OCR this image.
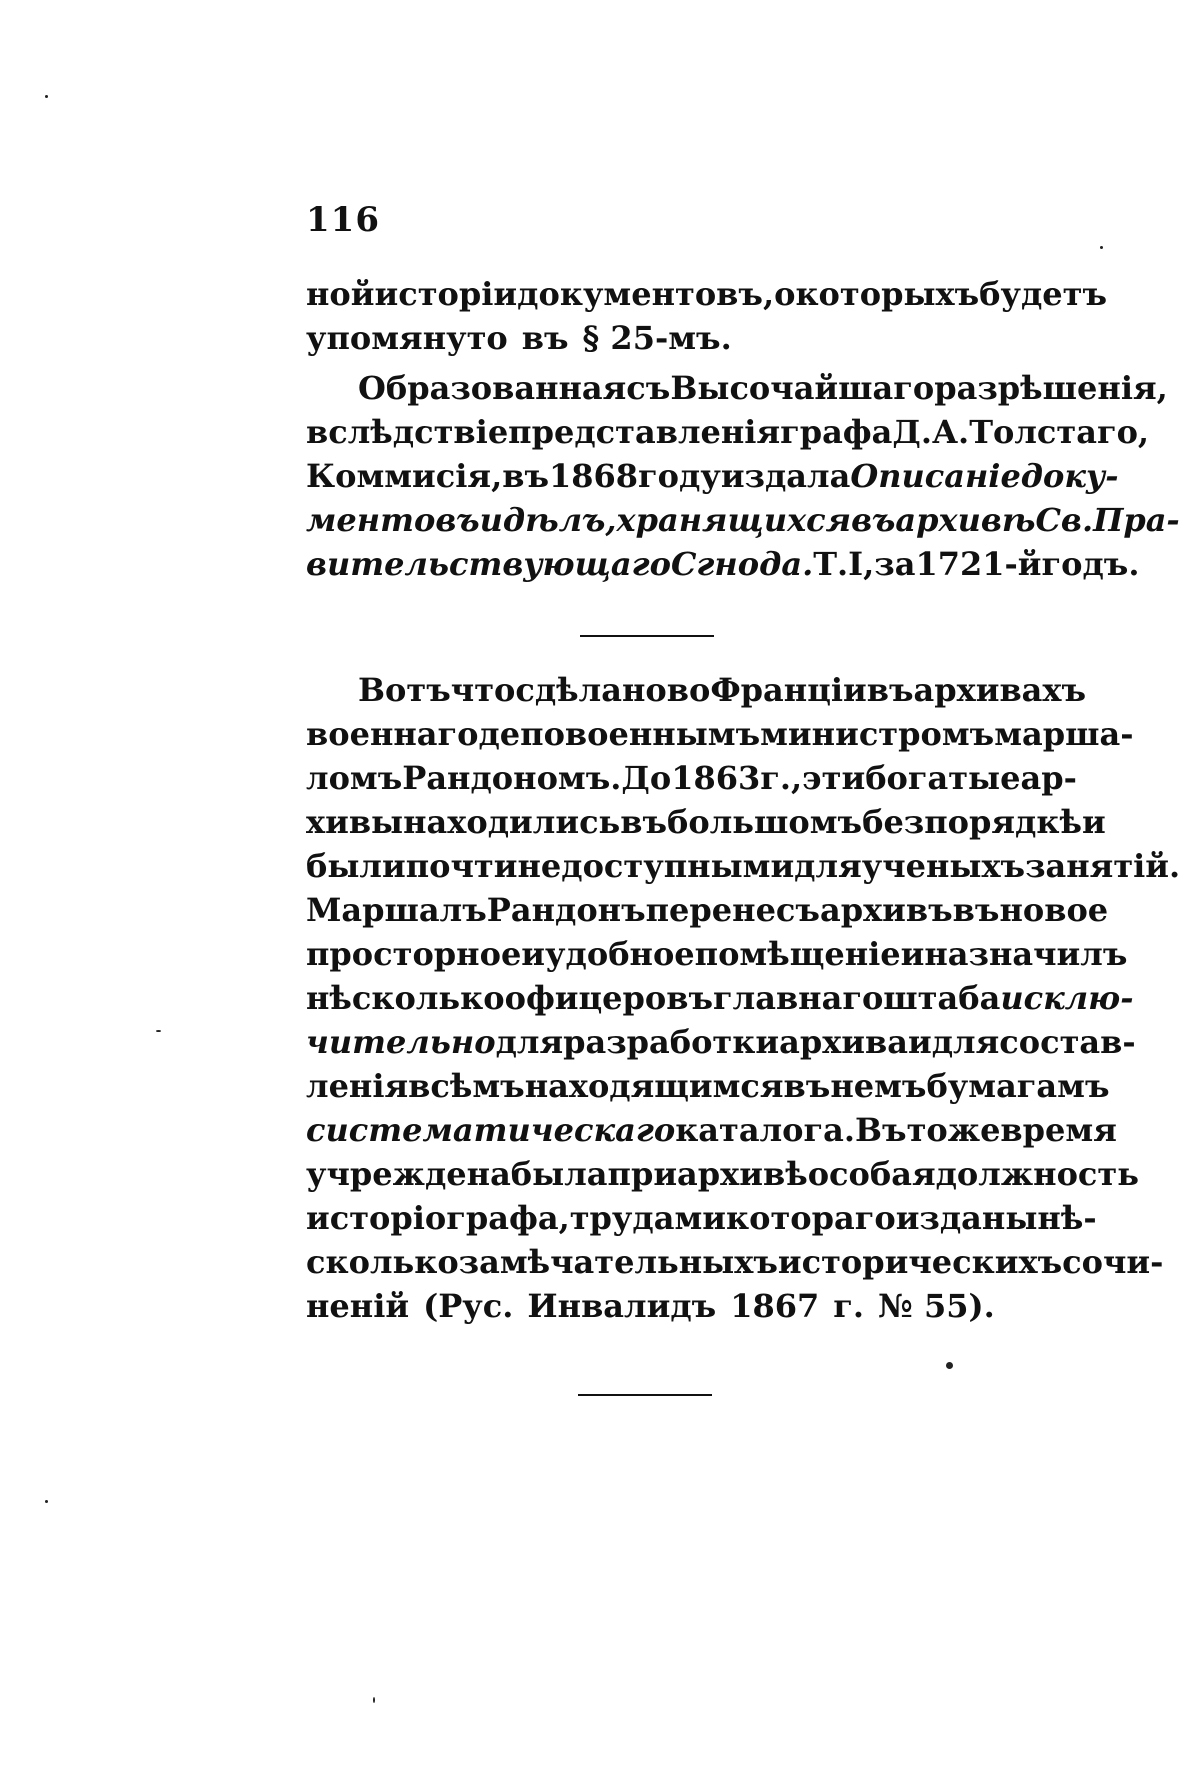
116
ной исторіи документовъ, о которыхъ будетъ
упомянуто въ § 25-мъ.
Образованная съ Высочайшаго разрѣшенія,
вслѣдствіе представленія графа Д. А. Толстаго,
Коммисія, въ 1868 году издала Описаніе доку-
ментовъ и дѣлъ, хранящихся въ архивѣ Св. Пра-
вительствующаго Сгнода. Т. I, за 1721-й годъ.
Вотъ что сдѣлано во Франціи въ архивахъ
военнаго депо военнымъ министромъ марша-
ломъ Рандономъ. До 1863 г., эти богатые ар-
хивы находились въ большомъ безпорядкѣ и
были почти недоступными для ученыхъ занятій.
Маршалъ Рандонъ перенесъ архивъ въ новое
просторное и удобное помѣщеніе и назначилъ
нѣсколько офицеровъ главнаго штаба исклю-
чительно для разработки архива и для состав-
ленія всѣмъ находящимся въ немъ бумагамъ
систематическаго каталога. Въ то же время
учреждена была при архивѣ особая должность
исторіографа, трудами котораго изданы нѣ-
сколько замѣчательныхъ историческихъ сочи-
неній (Рус. Инвалидъ 1867 г. № 55).
